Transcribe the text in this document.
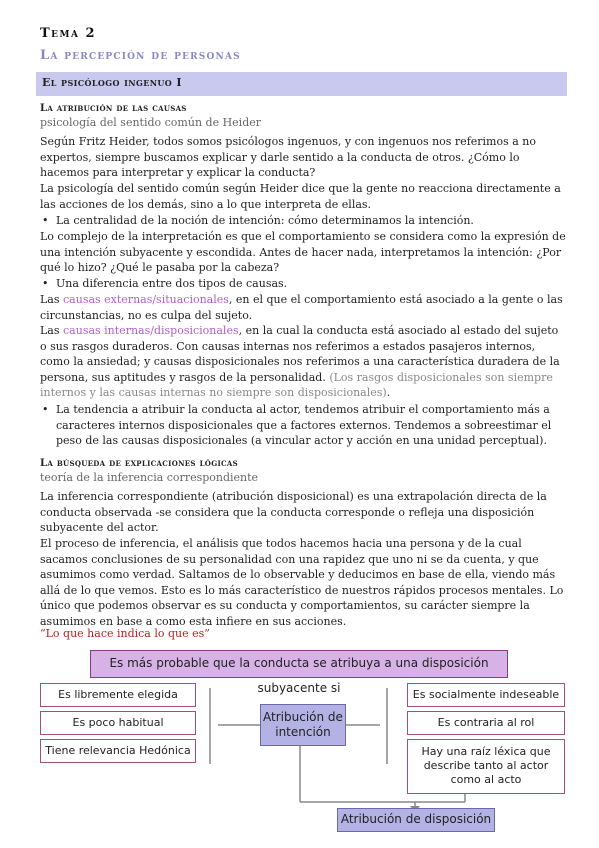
Tema 2
La percepción de personas
El psicólogo ingenuo I
La atribución de las causas
psicología del sentido común de Heider
Según Fritz Heider, todos somos psicólogos ingenuos, y con ingenuos nos referimos a no expertos, siempre buscamos explicar y darle sentido a la conducta de otros. ¿Cómo lo hacemos para interpretar y explicar la conducta?
La psicología del sentido común según Heider dice que la gente no reacciona directamente a las acciones de los demás, sino a lo que interpreta de ellas.
• La centralidad de la noción de intención: cómo determinamos la intención.
Lo complejo de la interpretación es que el comportamiento se considera como la expresión de una intención subyacente y escondida. Antes de hacer nada, interpretamos la intención: ¿Por qué lo hizo? ¿Qué le pasaba por la cabeza?
• Una diferencia entre dos tipos de causas.
Las causas externas/situacionales, en el que el comportamiento está asociado a la gente o las circunstancias, no es culpa del sujeto.
Las causas internas/disposicionales, en la cual la conducta está asociado al estado del sujeto o sus rasgos duraderos. Con causas internas nos referimos a estados pasajeros internos, como la ansiedad; y causas disposicionales nos referimos a una característica duradera de la persona, sus aptitudes y rasgos de la personalidad. (Los rasgos disposicionales son siempre internos y las causas internas no siempre son disposicionales).
• La tendencia a atribuir la conducta al actor, tendemos atribuir el comportamiento más a caracteres internos disposicionales que a factores externos. Tendemos a sobreestimar el peso de las causas disposicionales (a vincular actor y acción en una unidad perceptual).
La búsqueda de explicaciones lógicas
teoría de la inferencia correspondiente
La inferencia correspondiente (atribución disposicional) es una extrapolación directa de la conducta observada -se considera que la conducta corresponde o refleja una disposición subyacente del actor.
El proceso de inferencia, el análisis que todos hacemos hacia una persona y de la cual sacamos conclusiones de su personalidad con una rapidez que uno ni se da cuenta, y que asumimos como verdad. Saltamos de lo observable y deducimos en base de ella, viendo más allá de lo que vemos. Esto es lo más característico de nuestros rápidos procesos mentales. Lo único que podemos observar es su conducta y comportamientos, su carácter siempre la asumimos en base a como esta infiere en sus acciones.
“Lo que hace indica lo que es”
Es más probable que la conducta se atribuya a una disposición subyacente si
Es libremente elegida
Es poco habitual
Tiene relevancia Hedónica
Es socialmente indeseable
Es contraria al rol
Hay una raíz léxica que
describe tanto al actor
como al acto
Atribución de
intención
Atribución de disposición
